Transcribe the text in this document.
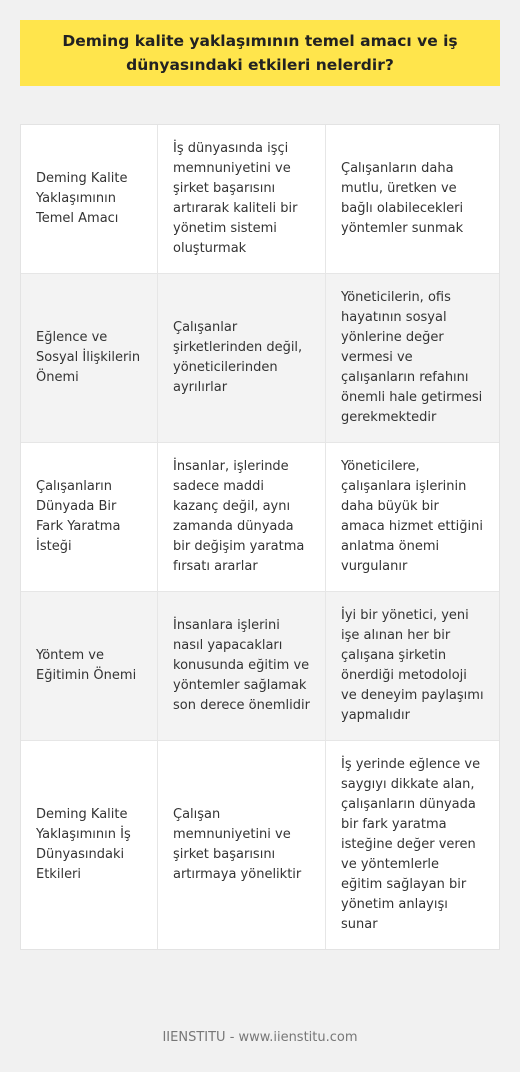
Deming kalite yaklaşımının temel amacı ve iş dünyasındaki etkileri nelerdir?
Deming Kalite Yaklaşımının Temel Amacı
İş dünyasında işçi memnuniyetini ve şirket başarısını artırarak kaliteli bir yönetim sistemi oluşturmak
Çalışanların daha mutlu, üretken ve bağlı olabilecekleri yöntemler sunmak
Eğlence ve Sosyal İlişkilerin Önemi
Çalışanlar şirketlerinden değil, yöneticilerinden ayrılırlar
Yöneticilerin, ofis hayatının sosyal yönlerine değer vermesi ve çalışanların refahını önemli hale getirmesi gerekmektedir
Çalışanların Dünyada Bir Fark Yaratma İsteği
İnsanlar, işlerinde sadece maddi kazanç değil, aynı zamanda dünyada bir değişim yaratma fırsatı ararlar
Yöneticilere, çalışanlara işlerinin daha büyük bir amaca hizmet ettiğini anlatma önemi vurgulanır
Yöntem ve Eğitimin Önemi
İnsanlara işlerini nasıl yapacakları konusunda eğitim ve yöntemler sağlamak son derece önemlidir
İyi bir yönetici, yeni işe alınan her bir çalışana şirketin önerdiği metodoloji ve deneyim paylaşımı yapmalıdır
Deming Kalite Yaklaşımının İş Dünyasındaki Etkileri
Çalışan memnuniyetini ve şirket başarısını artırmaya yöneliktir
İş yerinde eğlence ve saygıyı dikkate alan, çalışanların dünyada bir fark yaratma isteğine değer veren ve yöntemlerle eğitim sağlayan bir yönetim anlayışı sunar
IIENSTITU - www.iienstitu.com
